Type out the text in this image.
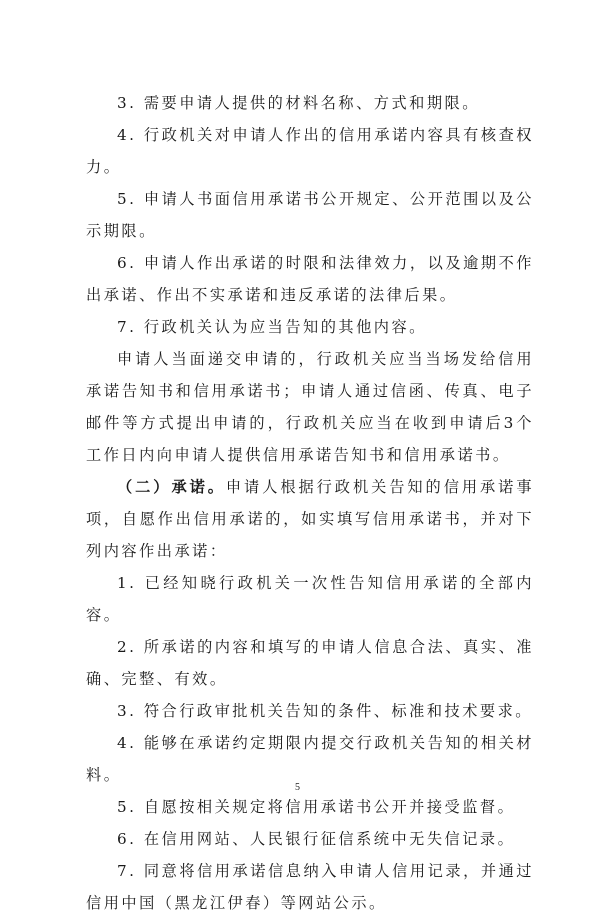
3. 需要申请人提供的材料名称、方式和期限。

4. 行政机关对申请人作出的信用承诺内容具有核查权力。

5. 申请人书面信用承诺书公开规定、公开范围以及公示期限。

6. 申请人作出承诺的时限和法律效力，以及逾期不作出承诺、作出不实承诺和违反承诺的法律后果。

7. 行政机关认为应当告知的其他内容。

申请人当面递交申请的，行政机关应当当场发给信用承诺告知书和信用承诺书；申请人通过信函、传真、电子邮件等方式提出申请的，行政机关应当在收到申请后3个工作日内向申请人提供信用承诺告知书和信用承诺书。

（二）承诺。申请人根据行政机关告知的信用承诺事项，自愿作出信用承诺的，如实填写信用承诺书，并对下列内容作出承诺：

1. 已经知晓行政机关一次性告知信用承诺的全部内容。

2. 所承诺的内容和填写的申请人信息合法、真实、准确、完整、有效。

3. 符合行政审批机关告知的条件、标准和技术要求。

4. 能够在承诺约定期限内提交行政机关告知的相关材料。

5. 自愿按相关规定将信用承诺书公开并接受监督。

6. 在信用网站、人民银行征信系统中无失信记录。

7. 同意将信用承诺信息纳入申请人信用记录，并通过信用中国（黑龙江伊春）等网站公示。

5
